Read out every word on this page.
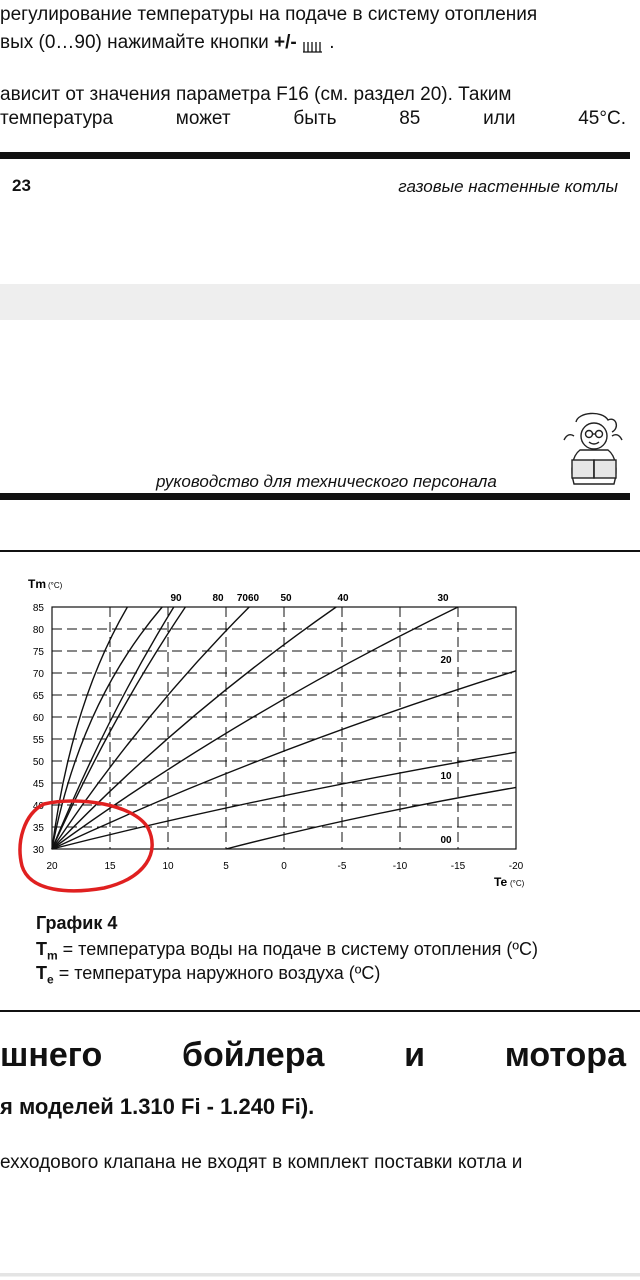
регулирование температуры на подаче в систему отопления
вых (0…90) нажимайте кнопки +/- .
ависит от значения параметра F16 (см. раздел 20). Таким
температура	может	быть	85	или	45°C.
23	газовые настенные котлы
руководство для технического персонала
Tm (°C)
Te (°C)
30
35
40
45
50
55
60
65
70
75
80
85
20	15	10	5	0	-5	-10	-15	-20
90	80 7060 50	40	30
20
10
00
График 4
$T_m$ = температура воды на подаче в систему отопления (ºC)
$T_e$ = температура наружного воздуха (ºC)
шнего бойлера и мотора
я моделей 1.310 Fi - 1.240 Fi).
ехходового клапана не входят в комплект поставки котла и
